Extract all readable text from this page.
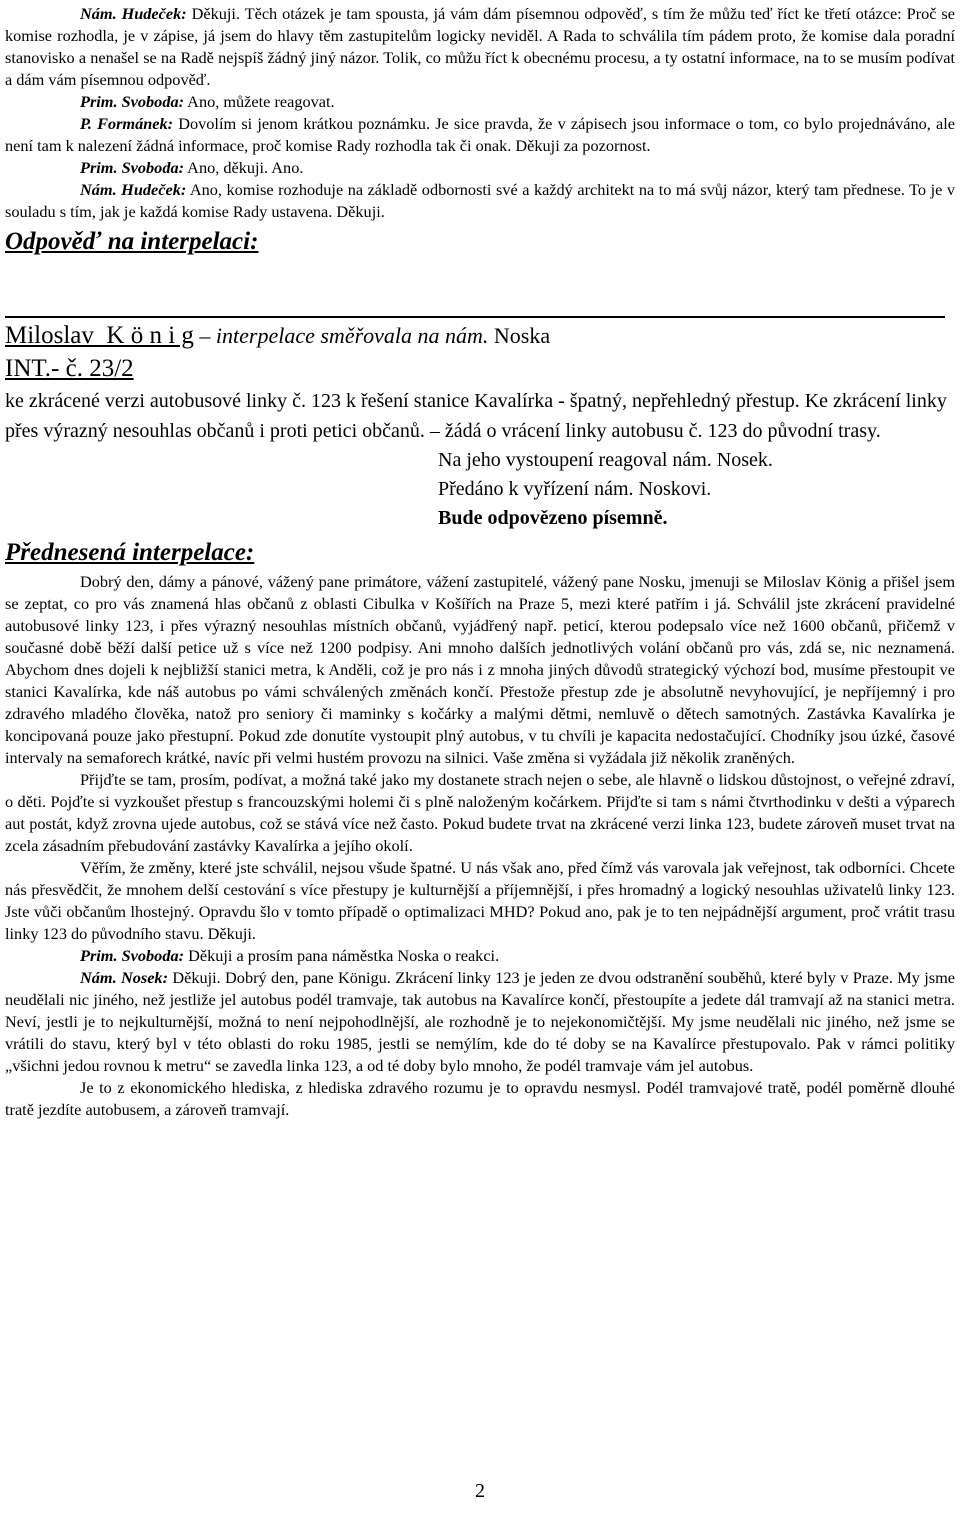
Nám. Hudeček: Děkuji. Těch otázek je tam spousta, já vám dám písemnou odpověď, s tím že můžu teď říct ke třetí otázce: Proč se komise rozhodla, je v zápise, já jsem do hlavy těm zastupitelům logicky neviděl. A Rada to schválila tím pádem proto, že komise dala poradní stanovisko a nenašel se na Radě nejspíš žádný jiný názor. Tolik, co můžu říct k obecnému procesu, a ty ostatní informace, na to se musím podívat a dám vám písemnou odpověď.

Prim. Svoboda: Ano, můžete reagovat.

P. Formánek: Dovolím si jenom krátkou poznámku. Je sice pravda, že v zápisech jsou informace o tom, co bylo projednáváno, ale není tam k nalezení žádná informace, proč komise Rady rozhodla tak či onak. Děkuji za pozornost.

Prim. Svoboda: Ano, děkuji. Ano.

Nám. Hudeček: Ano, komise rozhoduje na základě odbornosti své a každý architekt na to má svůj názor, který tam přednese. To je v souladu s tím, jak je každá komise Rady ustavena. Děkuji.

Odpověď na interpelaci:

Miloslav K ö n i g – interpelace směřovala na nám. Noska

INT.- č. 23/2

ke zkrácené verzi autobusové linky č. 123 k řešení stanice Kavalírka - špatný, nepřehledný přestup. Ke zkrácení linky přes výrazný nesouhlas občanů i proti petici občanů. – žádá o vrácení linky autobusu č. 123 do původní trasy.

Na jeho vystoupení reagoval nám. Nosek.
Předáno k vyřízení nám. Noskovi.
Bude odpovězeno písemně.
Přednesená interpelace:

Dobrý den, dámy a pánové, vážený pane primátore, vážení zastupitelé, vážený pane Nosku, jmenuji se Miloslav König a přišel jsem se zeptat, co pro vás znamená hlas občanů z oblasti Cibulka v Košířích na Praze 5, mezi které patřím i já. Schválil jste zkrácení pravidelné autobusové linky 123, i přes výrazný nesouhlas místních občanů, vyjádřený např. peticí, kterou podepsalo více než 1600 občanů, přičemž v současné době běží další petice už s více než 1200 podpisy. Ani mnoho dalších jednotlivých volání občanů pro vás, zdá se, nic neznamená. Abychom dnes dojeli k nejbližší stanici metra, k Anděli, což je pro nás i z mnoha jiných důvodů strategický výchozí bod, musíme přestoupit ve stanici Kavalírka, kde náš autobus po vámi schválených změnách končí. Přestože přestup zde je absolutně nevyhovující, je nepříjemný i pro zdravého mladého člověka, natož pro seniory či maminky s kočárky a malými dětmi, nemluvě o dětech samotných. Zastávka Kavalírka je koncipovaná pouze jako přestupní. Pokud zde donutíte vystoupit plný autobus, v tu chvíli je kapacita nedostačující. Chodníky jsou úzké, časové intervaly na semaforech krátké, navíc při velmi hustém provozu na silnici. Vaše změna si vyžádala již několik zraněných.

Přijďte se tam, prosím, podívat, a možná také jako my dostanete strach nejen o sebe, ale hlavně o lidskou důstojnost, o veřejné zdraví, o děti. Pojďte si vyzkoušet přestup s francouzskými holemi či s plně naloženým kočárkem. Přijďte si tam s námi čtvrthodinku v dešti a výparech aut postát, když zrovna ujede autobus, což se stává více než často. Pokud budete trvat na zkrácené verzi linka 123, budete zároveň muset trvat na zcela zásadním přebudování zastávky Kavalírka a jejího okolí.

Věřím, že změny, které jste schválil, nejsou všude špatné. U nás však ano, před čímž vás varovala jak veřejnost, tak odborníci. Chcete nás přesvědčit, že mnohem delší cestování s více přestupy je kulturnější a příjemnější, i přes hromadný a logický nesouhlas uživatelů linky 123. Jste vůči občanům lhostejný. Opravdu šlo v tomto případě o optimalizaci MHD? Pokud ano, pak je to ten nejpádnější argument, proč vrátit trasu linky 123 do původního stavu. Děkuji.

Prim. Svoboda: Děkuji a prosím pana náměstka Noska o reakci.

Nám. Nosek: Děkuji. Dobrý den, pane Königu. Zkrácení linky 123 je jeden ze dvou odstranění souběhů, které byly v Praze. My jsme neudělali nic jiného, než jestliže jel autobus podél tramvaje, tak autobus na Kavalírce končí, přestoupíte a jedete dál tramvají až na stanici metra. Neví, jestli je to nejkulturnější, možná to není nejpohodlnější, ale rozhodně je to nejekonomičtější. My jsme neudělali nic jiného, než jsme se vrátili do stavu, který byl v této oblasti do roku 1985, jestli se nemýlím, kde do té doby se na Kavalírce přestupovalo. Pak v rámci politiky „všichni jedou rovnou k metru“ se zavedla linka 123, a od té doby bylo mnoho, že podél tramvaje vám jel autobus.

Je to z ekonomického hlediska, z hlediska zdravého rozumu je to opravdu nesmysl. Podél tramvajové tratě, podél poměrně dlouhé tratě jezdíte autobusem, a zároveň tramvají.

2
